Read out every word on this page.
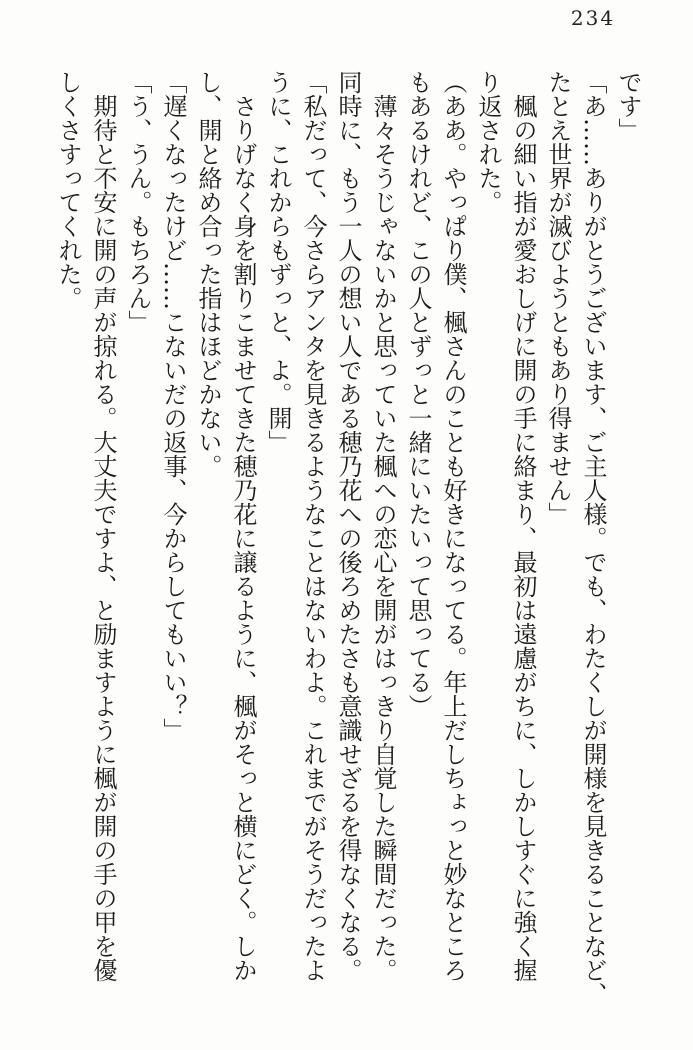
234

です」

「あ……ありがとうございます、ご主人様。でも、わたくしが開様を見きることなど、

たとえ世界が滅びようともあり得ません」

楓の細い指が愛おしげに開の手に絡まり、最初は遠慮がちに、しかしすぐに強く握

り返された。

（ああ。やっぱり僕、楓さんのことも好きになってる。年上だしちょっと妙なところ

もあるけれど、この人とずっと一緒にいたいって思ってる）

薄々そうじゃないかと思っていた楓への恋心を開がはっきり自覚した瞬間だった。

同時に、もう一人の想い人である穂乃花への後ろめたさも意識せざるを得なくなる。

「私だって、今さらアンタを見きるようなことはないわよ。これまでがそうだったよ

うに、これからもずっと、よ。開」

さりげなく身を割りこませてきた穂乃花に譲るように、楓がそっと横にどく。しか

し、開と絡め合った指はほどかない。

「遅くなったけど……こないだの返事、今からしてもいい？」

「う、うん。もちろん」

期待と不安に開の声が掠れる。大丈夫ですよ、と励ますように楓が開の手の甲を優

しくさすってくれた。
